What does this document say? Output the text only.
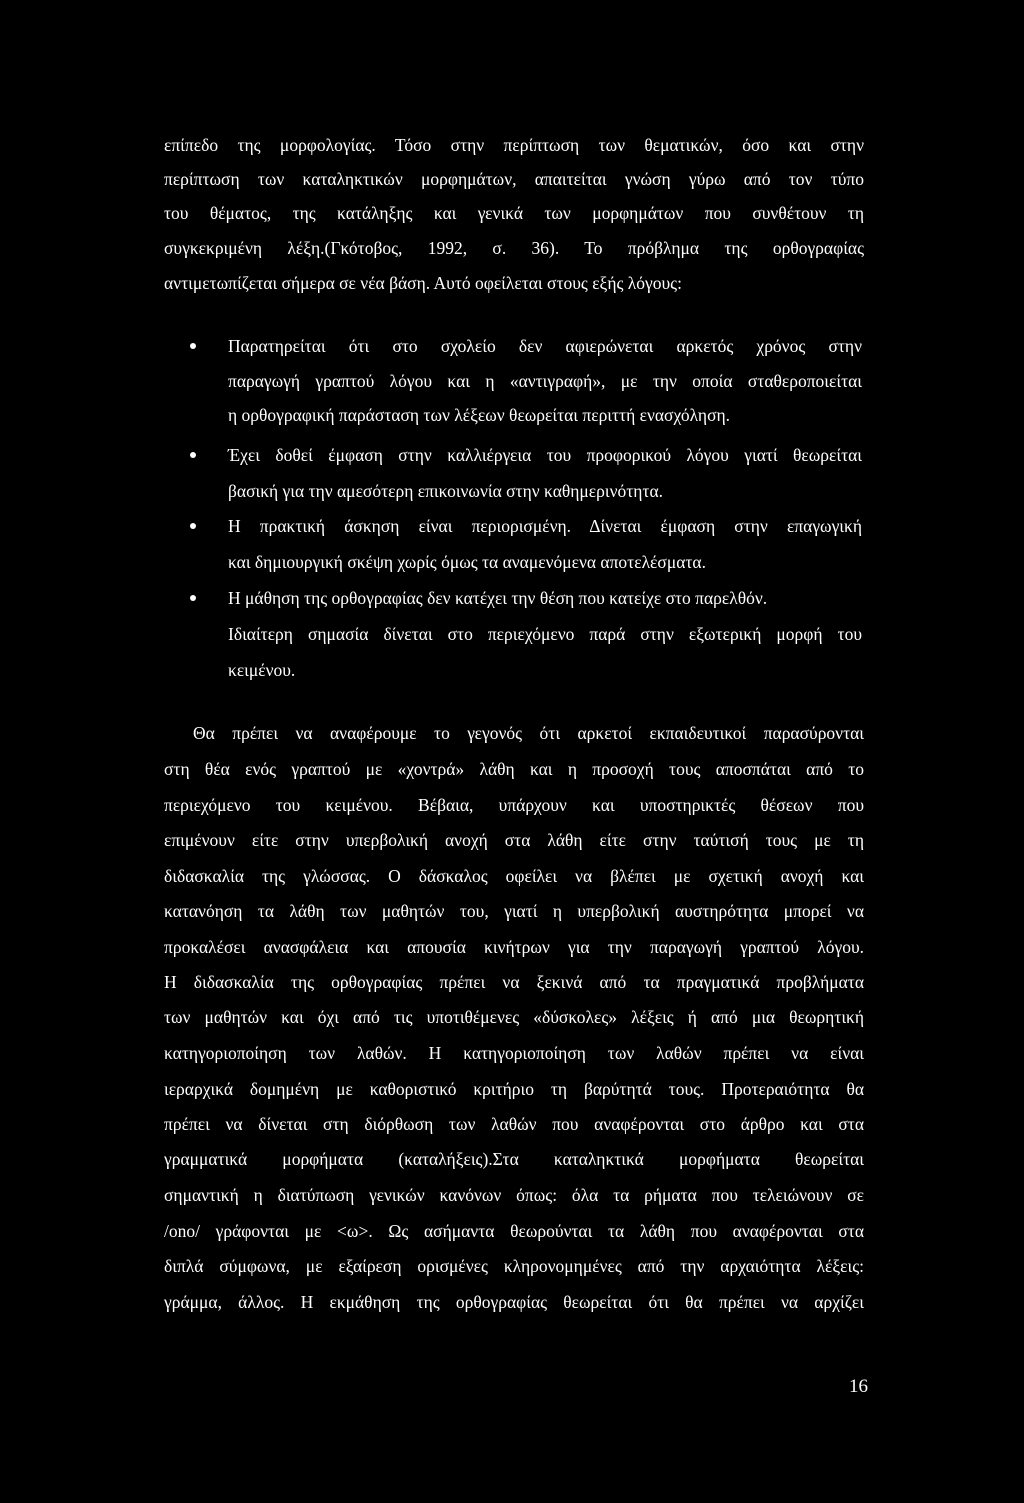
επίπεδο της μορφολογίας. Τόσο στην περίπτωση των θεματικών, όσο και στην
περίπτωση των καταληκτικών μορφημάτων, απαιτείται γνώση γύρω από τον τύπο
του θέματος, της κατάληξης και γενικά των μορφημάτων που συνθέτουν τη
συγκεκριμένη λέξη.(Γκότοβος, 1992, σ. 36). Το πρόβλημα της ορθογραφίας
αντιμετωπίζεται σήμερα σε νέα βάση. Αυτό οφείλεται στους εξής λόγους:
Παρατηρείται ότι στο σχολείο δεν αφιερώνεται αρκετός χρόνος στην
παραγωγή γραπτού λόγου και η «αντιγραφή», με την οποία σταθεροποιείται
η ορθογραφική παράσταση των λέξεων θεωρείται περιττή ενασχόληση.
Έχει δοθεί έμφαση στην καλλιέργεια του προφορικού λόγου γιατί θεωρείται
βασική για την αμεσότερη επικοινωνία στην καθημερινότητα.
Η πρακτική άσκηση είναι περιορισμένη. Δίνεται έμφαση στην επαγωγική
και δημιουργική σκέψη χωρίς όμως τα αναμενόμενα αποτελέσματα.
Η μάθηση της ορθογραφίας δεν κατέχει την θέση που κατείχε στο παρελθόν.
Ιδιαίτερη σημασία δίνεται στο περιεχόμενο παρά στην εξωτερική μορφή του
κειμένου.
Θα πρέπει να αναφέρουμε το γεγονός ότι αρκετοί εκπαιδευτικοί παρασύρονται
στη θέα ενός γραπτού με «χοντρά» λάθη και η προσοχή τους αποσπάται από το
περιεχόμενο του κειμένου. Βέβαια, υπάρχουν και υποστηρικτές θέσεων που
επιμένουν είτε στην υπερβολική ανοχή στα λάθη είτε στην ταύτισή τους με τη
διδασκαλία της γλώσσας. Ο δάσκαλος οφείλει να βλέπει με σχετική ανοχή και
κατανόηση τα λάθη των μαθητών του, γιατί η υπερβολική αυστηρότητα μπορεί να
προκαλέσει ανασφάλεια και απουσία κινήτρων για την παραγωγή γραπτού λόγου.
Η διδασκαλία της ορθογραφίας πρέπει να ξεκινά από τα πραγματικά προβλήματα
των μαθητών και όχι από τις υποτιθέμενες «δύσκολες» λέξεις ή από μια θεωρητική
κατηγοριοποίηση των λαθών. Η κατηγοριοποίηση των λαθών πρέπει να είναι
ιεραρχικά δομημένη με καθοριστικό κριτήριο τη βαρύτητά τους. Προτεραιότητα θα
πρέπει να δίνεται στη διόρθωση των λαθών που αναφέρονται στο άρθρο και στα
γραμματικά μορφήματα (καταλήξεις).Στα καταληκτικά μορφήματα θεωρείται
σημαντική η διατύπωση γενικών κανόνων όπως: όλα τα ρήματα που τελειώνουν σε
/ono/ γράφονται με <ω>. Ως ασήμαντα θεωρούνται τα λάθη που αναφέρονται στα
διπλά σύμφωνα, με εξαίρεση ορισμένες κληρονομημένες από την αρχαιότητα λέξεις:
γράμμα, άλλος. Η εκμάθηση της ορθογραφίας θεωρείται ότι θα πρέπει να αρχίζει
16
